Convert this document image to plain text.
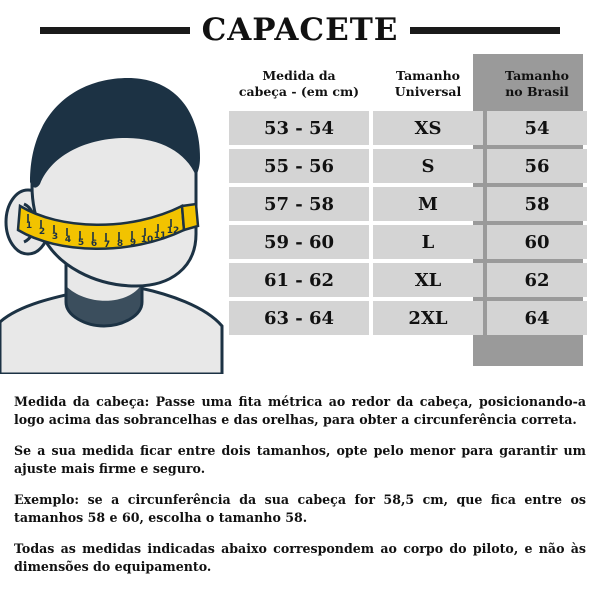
CAPACETE
1
2 3 4 5 6 7 8 9 10 11 12
Medida da
cabeça - (em cm)

Tamanho
Universal

Tamanho
no Brasil

53 - 54	XS	54
55 - 56	S	56
57 - 58	M	58
59 - 60	L	60
61 - 62	XL	62
63 - 64	2XL	64

Medida da cabeça: Passe uma fita métrica ao redor da cabeça, posicionando-a logo acima das sobrancelhas e das orelhas, para obter a circunferência correta.

Se a sua medida ficar entre dois tamanhos, opte pelo menor para garantir um ajuste mais firme e seguro.

Exemplo: se a circunferência da sua cabeça for 58,5 cm, que fica entre os tamanhos 58 e 60, escolha o tamanho 58.

Todas as medidas indicadas abaixo correspondem ao corpo do piloto, e não às dimensões do equipamento.
